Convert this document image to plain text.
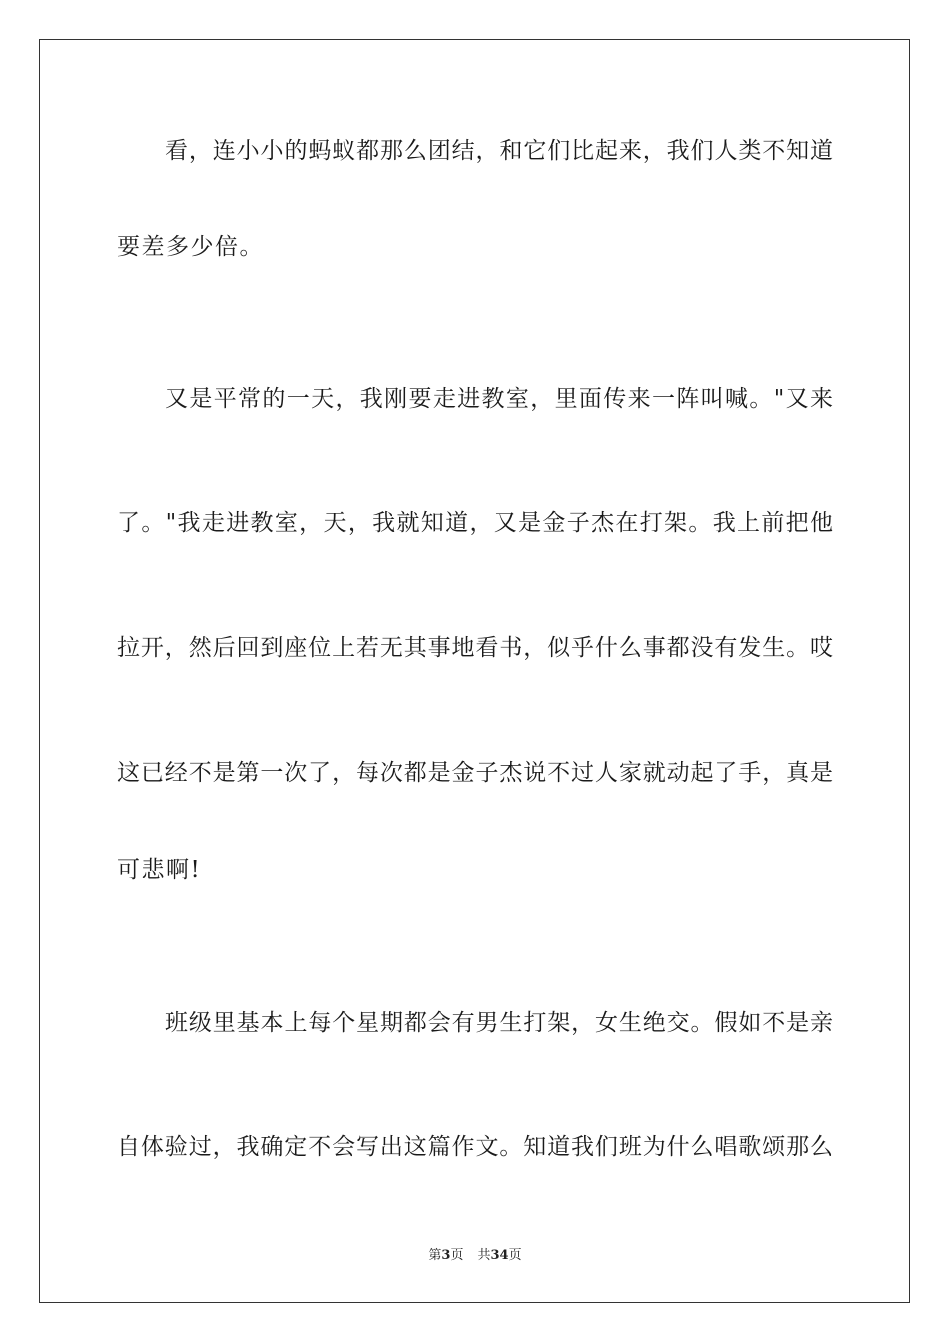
看，连小小的蚂蚁都那么团结，和它们比起来，我们人类不知道
要差多少倍。
又是平常的一天，我刚要走进教室，里面传来一阵叫喊。"又来
了。"我走进教室，天，我就知道，又是金子杰在打架。我上前把他
拉开，然后回到座位上若无其事地看书，似乎什么事都没有发生。哎
这已经不是第一次了，每次都是金子杰说不过人家就动起了手，真是
可悲啊!
班级里基本上每个星期都会有男生打架，女生绝交。假如不是亲
自体验过，我确定不会写出这篇作文。知道我们班为什么唱歌颂那么
第3页 共34页
